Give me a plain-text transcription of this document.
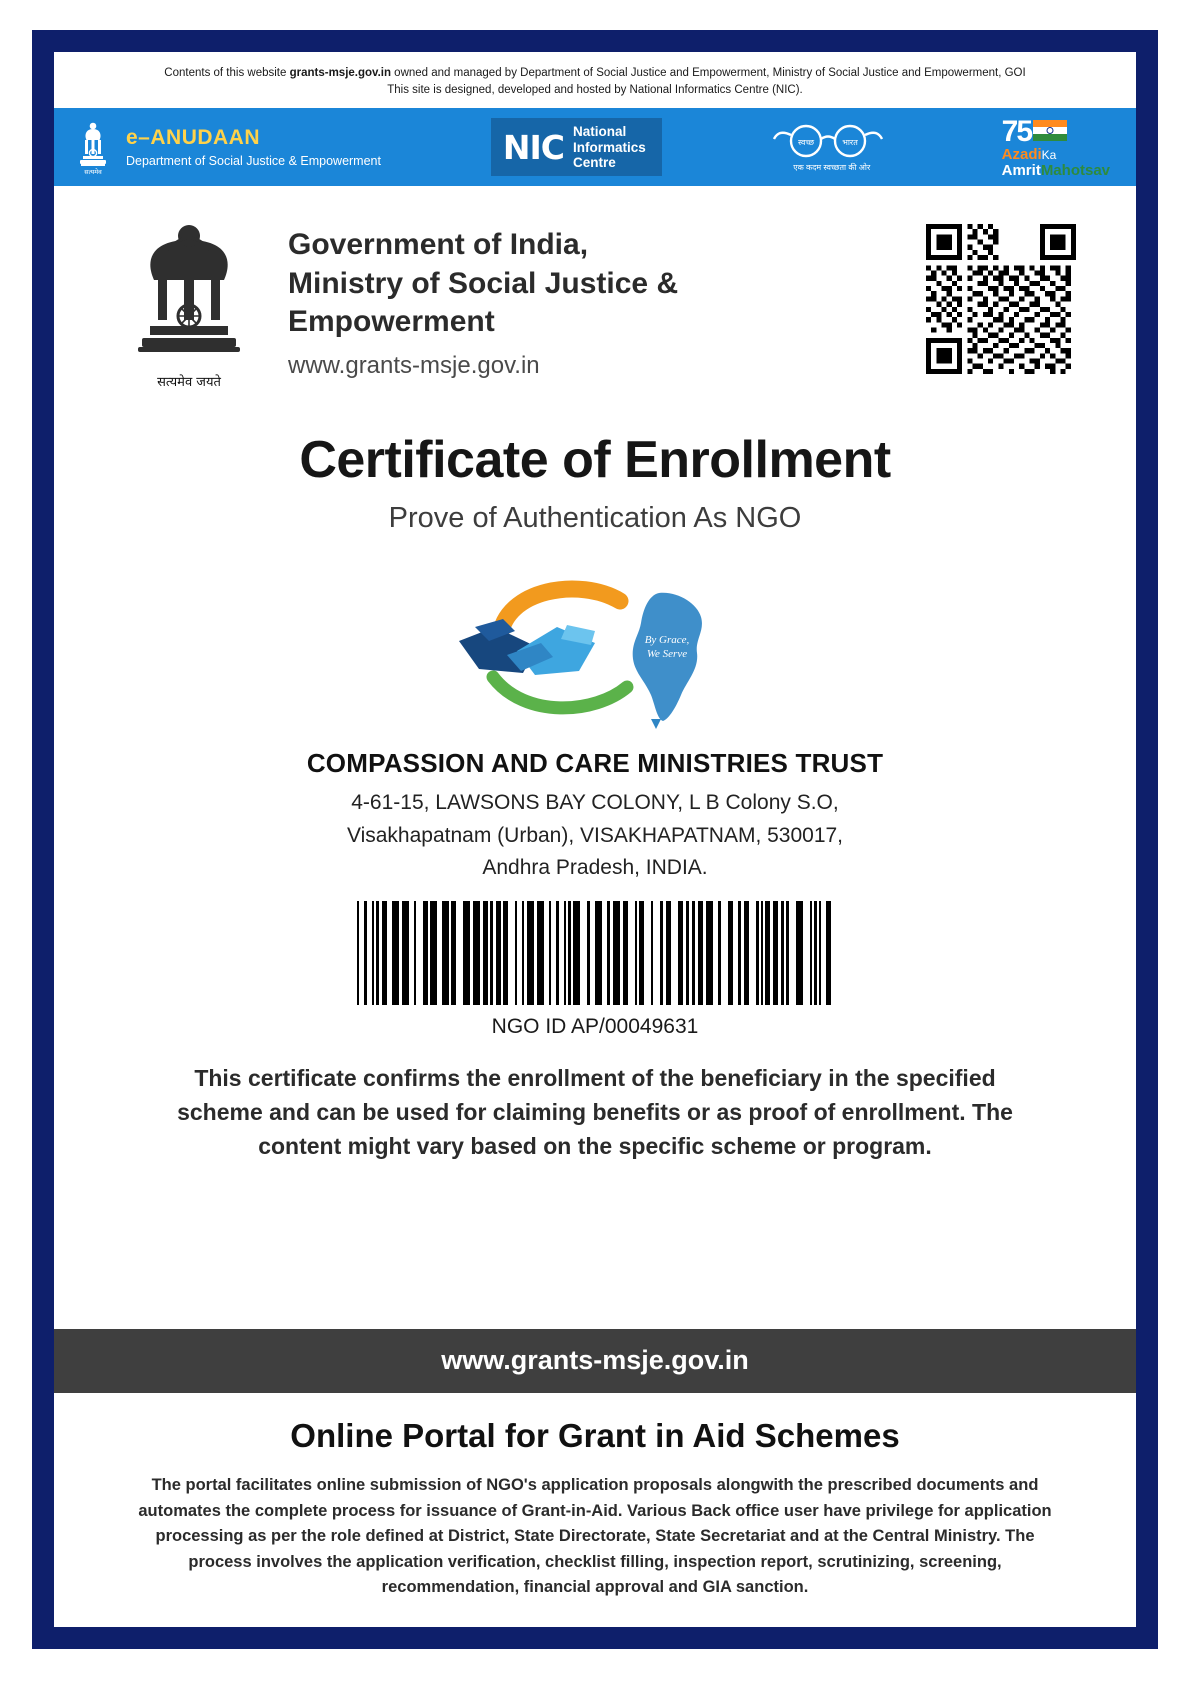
Contents of this website grants-msje.gov.in owned and managed by Department of Social Justice and Empowerment, Ministry of Social Justice and Empowerment, GOI
This site is designed, developed and hosted by National Informatics Centre (NIC).
सत्यमेव
e–ANUDAAN
Department of Social Justice & Empowerment	NIC National
Informatics
Centre
स्वच्छ	भारत
एक कदम स्वच्छता की ओर
75
AzadiKa
AmritMahotsav
सत्यमेव जयते
Government of India,
Ministry of Social Justice &
Empowerment
www.grants-msje.gov.in
Certificate of Enrollment
Prove of Authentication As NGO
By Grace,
We Serve
COMPASSION AND CARE MINISTRIES TRUST
4-61-15, LAWSONS BAY COLONY, L B Colony S.O,
Visakhapatnam (Urban), VISAKHAPATNAM, 530017,
Andhra Pradesh, INDIA.
NGO ID AP/00049631
This certificate confirms the enrollment of the beneficiary in the specified scheme and can be used for claiming benefits or as proof of enrollment. The content might vary based on the specific scheme or program.
www.grants-msje.gov.in
Online Portal for Grant in Aid Schemes
The portal facilitates online submission of NGO's application proposals alongwith the prescribed documents and automates the complete process for issuance of Grant-in-Aid. Various Back office user have privilege for application processing as per the role defined at District, State Directorate, State Secretariat and at the Central Ministry. The process involves the application verification, checklist filling, inspection report, scrutinizing, screening, recommendation, financial approval and GIA sanction.
